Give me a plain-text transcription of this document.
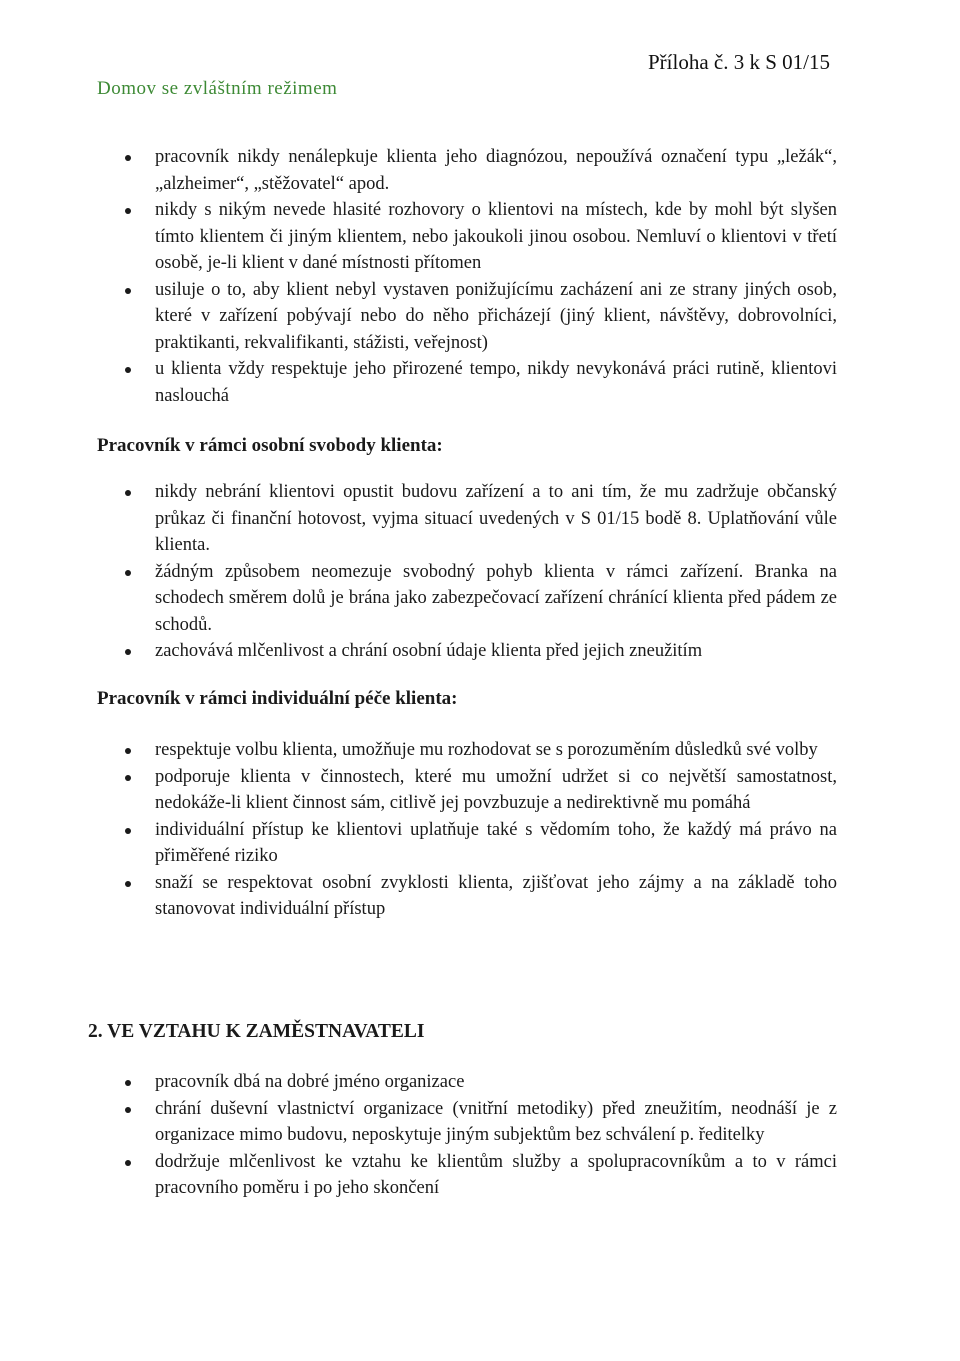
Domov se zvláštním režimem
Příloha č. 3 k S 01/15
pracovník nikdy nenálepkuje klienta jeho diagnózou, nepoužívá označení typu „ležák“, „alzheimer“, „stěžovatel“ apod.
nikdy s nikým nevede hlasité rozhovory o klientovi na místech, kde by mohl být slyšen tímto klientem či jiným klientem, nebo jakoukoli jinou osobou. Nemluví o klientovi v třetí osobě, je-li klient v dané místnosti přítomen
usiluje o to, aby klient nebyl vystaven ponižujícímu zacházení ani ze strany jiných osob, které v zařízení pobývají nebo do něho přicházejí (jiný klient, návštěvy, dobrovolníci, praktikanti, rekvalifikanti, stážisti, veřejnost)
u klienta vždy respektuje jeho přirozené tempo, nikdy nevykonává práci rutině, klientovi naslouchá
Pracovník v rámci osobní svobody klienta:
nikdy nebrání klientovi opustit budovu zařízení a to ani tím, že mu zadržuje občanský průkaz či finanční hotovost, vyjma situací uvedených v S 01/15 bodě 8. Uplatňování vůle klienta.
žádným způsobem neomezuje svobodný pohyb klienta v rámci zařízení. Branka na schodech směrem dolů je brána jako zabezpečovací zařízení chránící klienta před pádem ze schodů.
zachovává mlčenlivost a chrání osobní údaje klienta před jejich zneužitím
Pracovník v rámci individuální péče klienta:
respektuje volbu klienta, umožňuje mu rozhodovat se s porozuměním důsledků své volby
podporuje klienta v činnostech, které mu umožní udržet si co největší samostatnost, nedokáže-li klient činnost sám, citlivě jej povzbuzuje a nedirektivně mu pomáhá
individuální přístup ke klientovi uplatňuje také s vědomím toho, že každý má právo na přiměřené riziko
snaží se respektovat osobní zvyklosti klienta, zjišťovat jeho zájmy a na základě toho stanovovat individuální přístup
2. VE VZTAHU K ZAMĚSTNAVATELI
pracovník dbá na dobré jméno organizace
chrání duševní vlastnictví organizace (vnitřní metodiky) před zneužitím, neodnáší je z organizace mimo budovu, neposkytuje jiným subjektům bez schválení p. ředitelky
dodržuje mlčenlivost ke vztahu ke klientům služby a spolupracovníkům a to v rámci pracovního poměru i po jeho skončení
